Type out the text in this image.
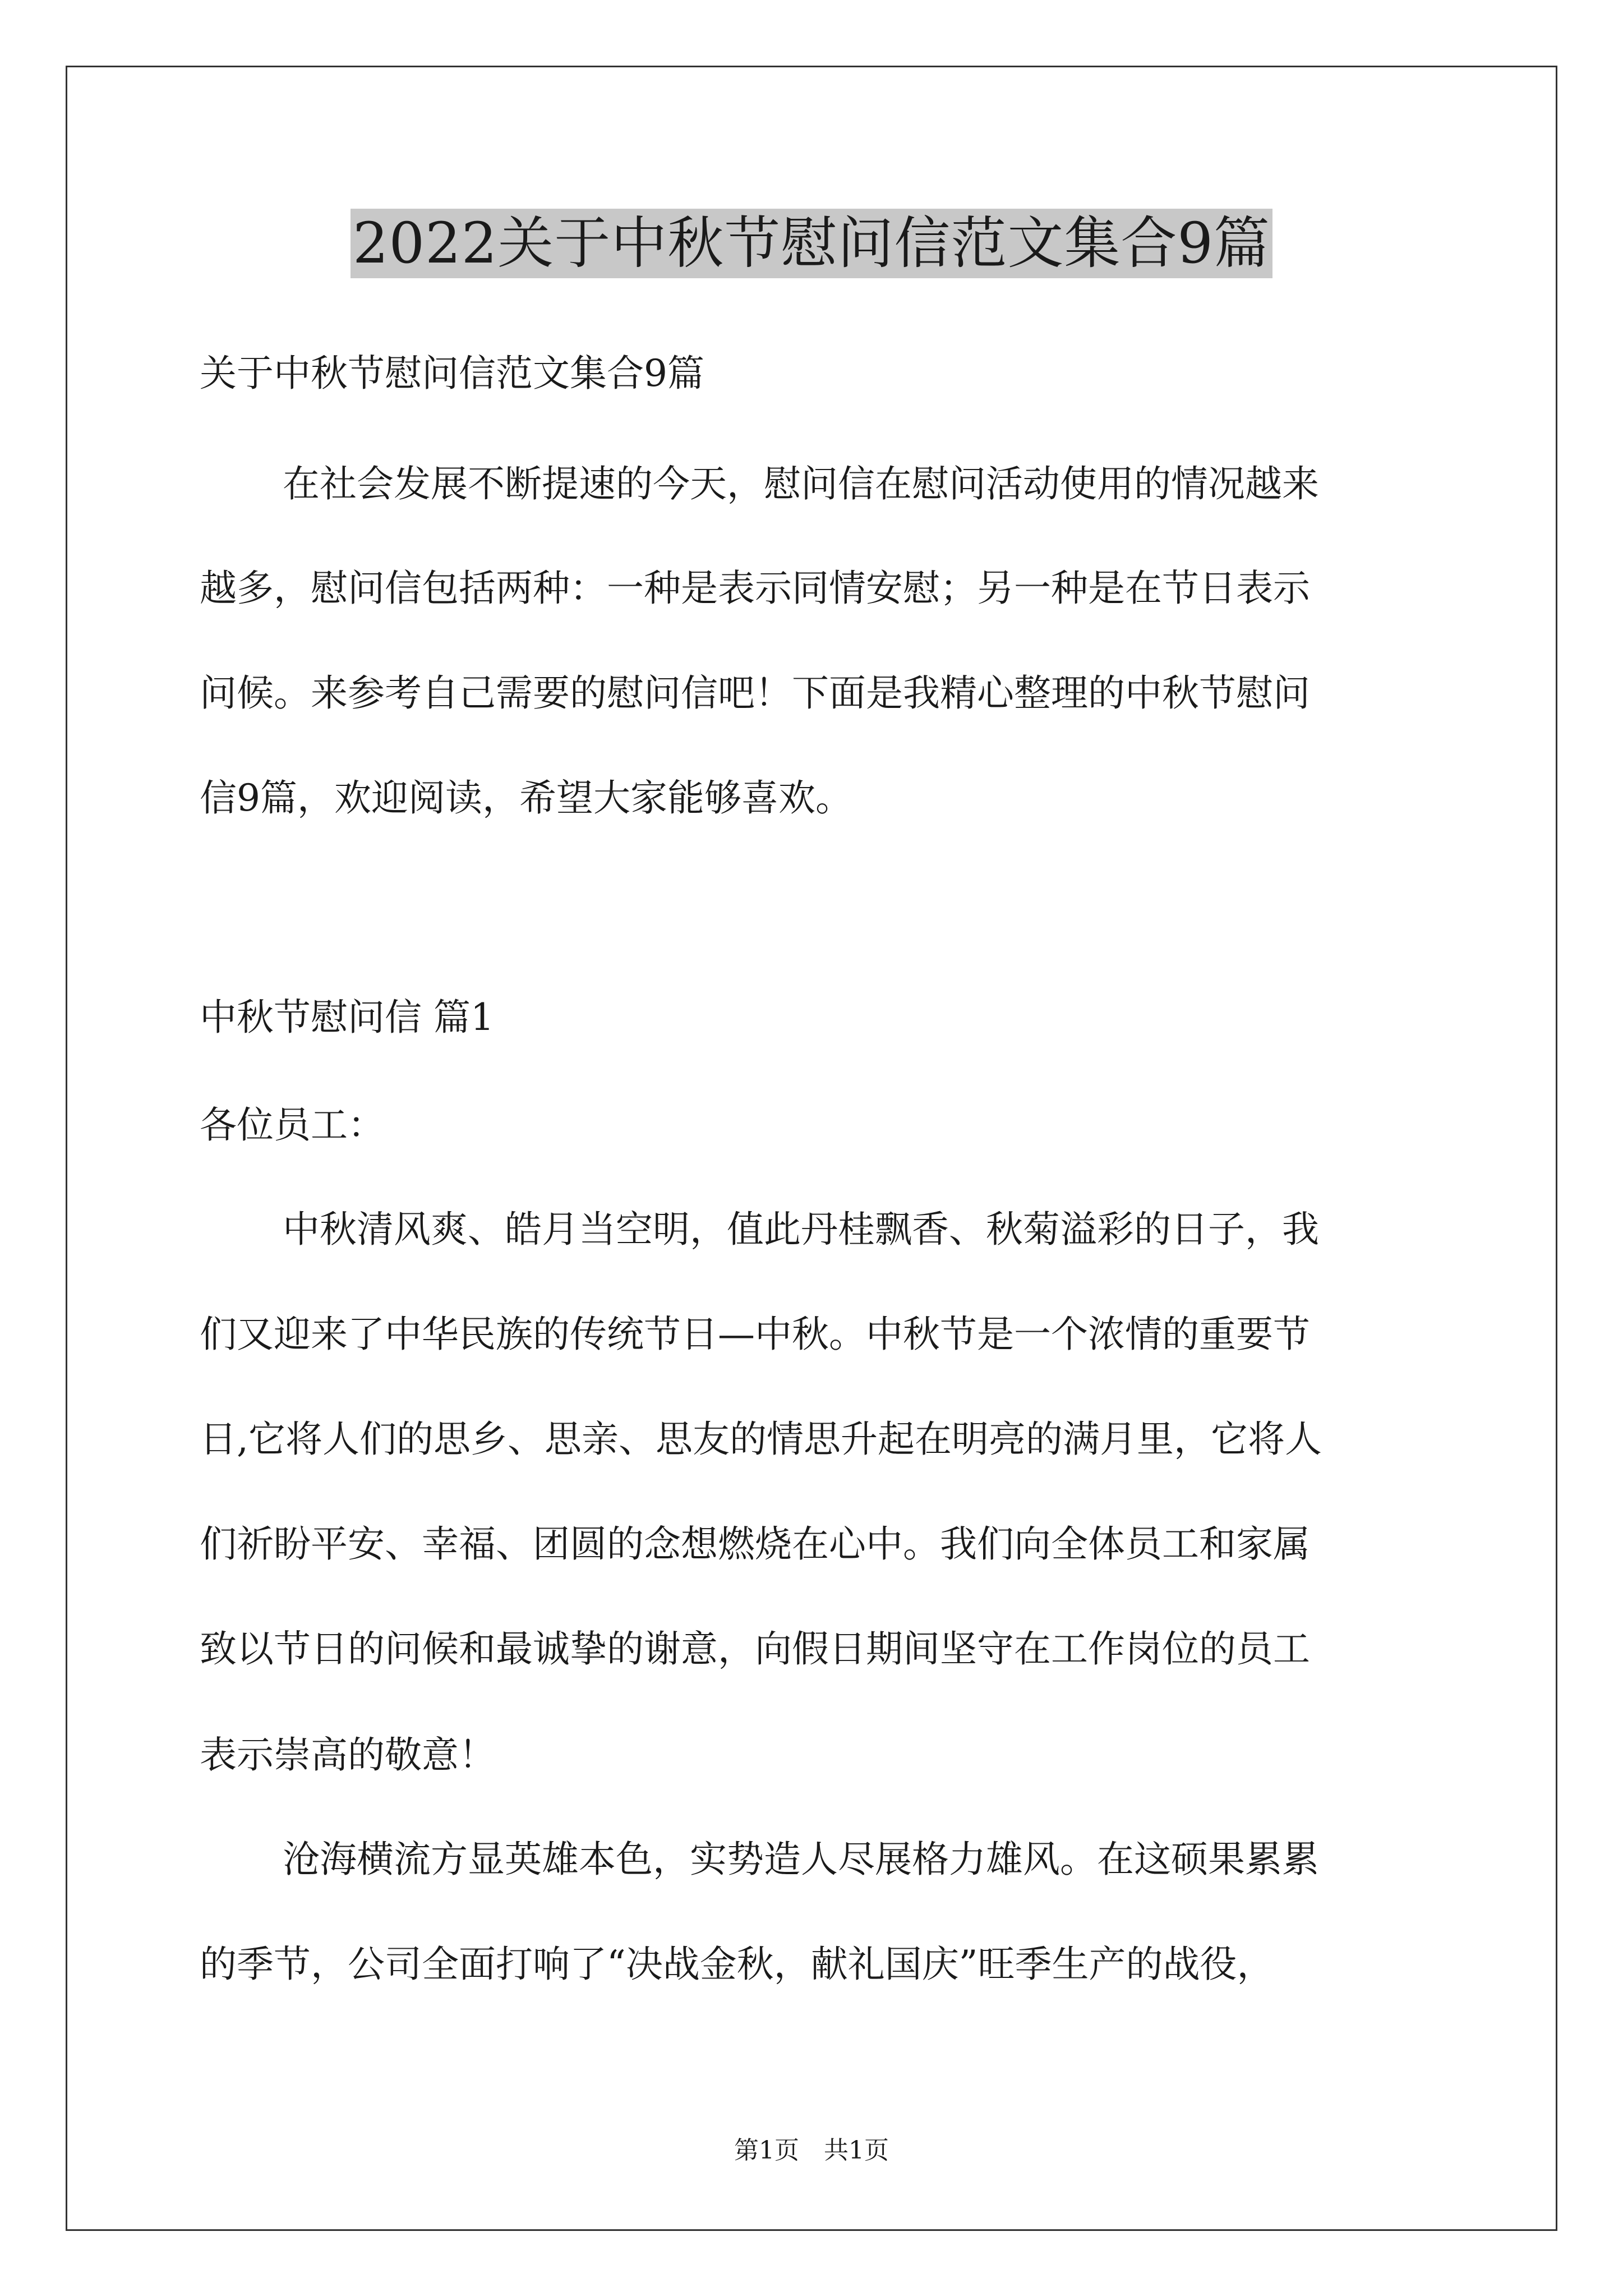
2022关于中秋节慰问信范文集合9篇
关于中秋节慰问信范文集合9篇
在社会发展不断提速的今天，慰问信在慰问活动使用的情况越来
越多，慰问信包括两种：一种是表示同情安慰；另一种是在节日表示
问候。来参考自己需要的慰问信吧！下面是我精心整理的中秋节慰问
信9篇，欢迎阅读，希望大家能够喜欢。
中秋节慰问信 篇1
各位员工：
中秋清风爽、皓月当空明，值此丹桂飘香、秋菊溢彩的日子，我
们又迎来了中华民族的传统节日—中秋。中秋节是一个浓情的重要节
日,它将人们的思乡、思亲、思友的情思升起在明亮的满月里，它将人
们祈盼平安、幸福、团圆的念想燃烧在心中。我们向全体员工和家属
致以节日的问候和最诚挚的谢意，向假日期间坚守在工作岗位的员工
表示崇高的敬意！
沧海横流方显英雄本色，实势造人尽展格力雄风。在这硕果累累
的季节，公司全面打响了“决战金秋，献礼国庆”旺季生产的战役，
第1页　共1页
